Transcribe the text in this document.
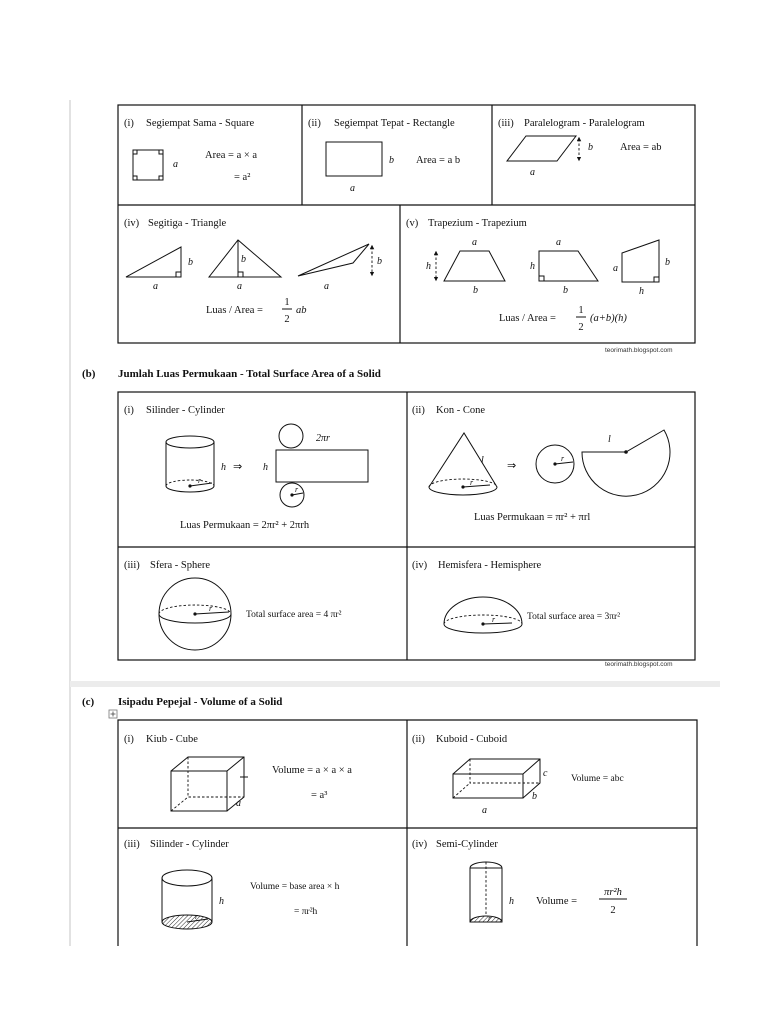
(i) Segiempat Sama - Square
a
Area = a × a
= a²
(ii) Segiempat Tepat - Rectangle
b
a
Area = a b
(iii) Paralelogram - Paralelogram
b
a
Area = ab
(iv) Segitiga - Triangle
b
a
b
a
b
a
Luas / Area =
1
2
ab
(v) Trapezium - Trapezium
h
a
b
a
h
b
a
b
h
Luas / Area =
1
2
(a+b)(h)
teorimath.blogspot.com
(b) Jumlah Luas Permukaan - Total Surface Area of a Solid
(i) Silinder - Cylinder
r
h ⇒ h
r
2πr
Luas Permukaan = 2πr² + 2πrh
(ii) Kon - Cone
r
l ⇒
r
l
Luas Permukaan = πr² + πrl
(iii) Sfera - Sphere
r
Total surface area = 4 πr²
(iv) Hemisfera - Hemisphere
r	Total surface area = 3πr²
teorimath.blogspot.com
(c) Isipadu Pepejal - Volume of a Solid
(i) Kiub - Cube
a
Volume = a × a × a
= a³
(ii) Kuboid - Cuboid
c
b
a
Volume = abc
(iii) Silinder - Cylinder
r
h
Volume = base area × h
= πr²h
(iv) Semi-Cylinder
r
h Volume =
πr²h
2
